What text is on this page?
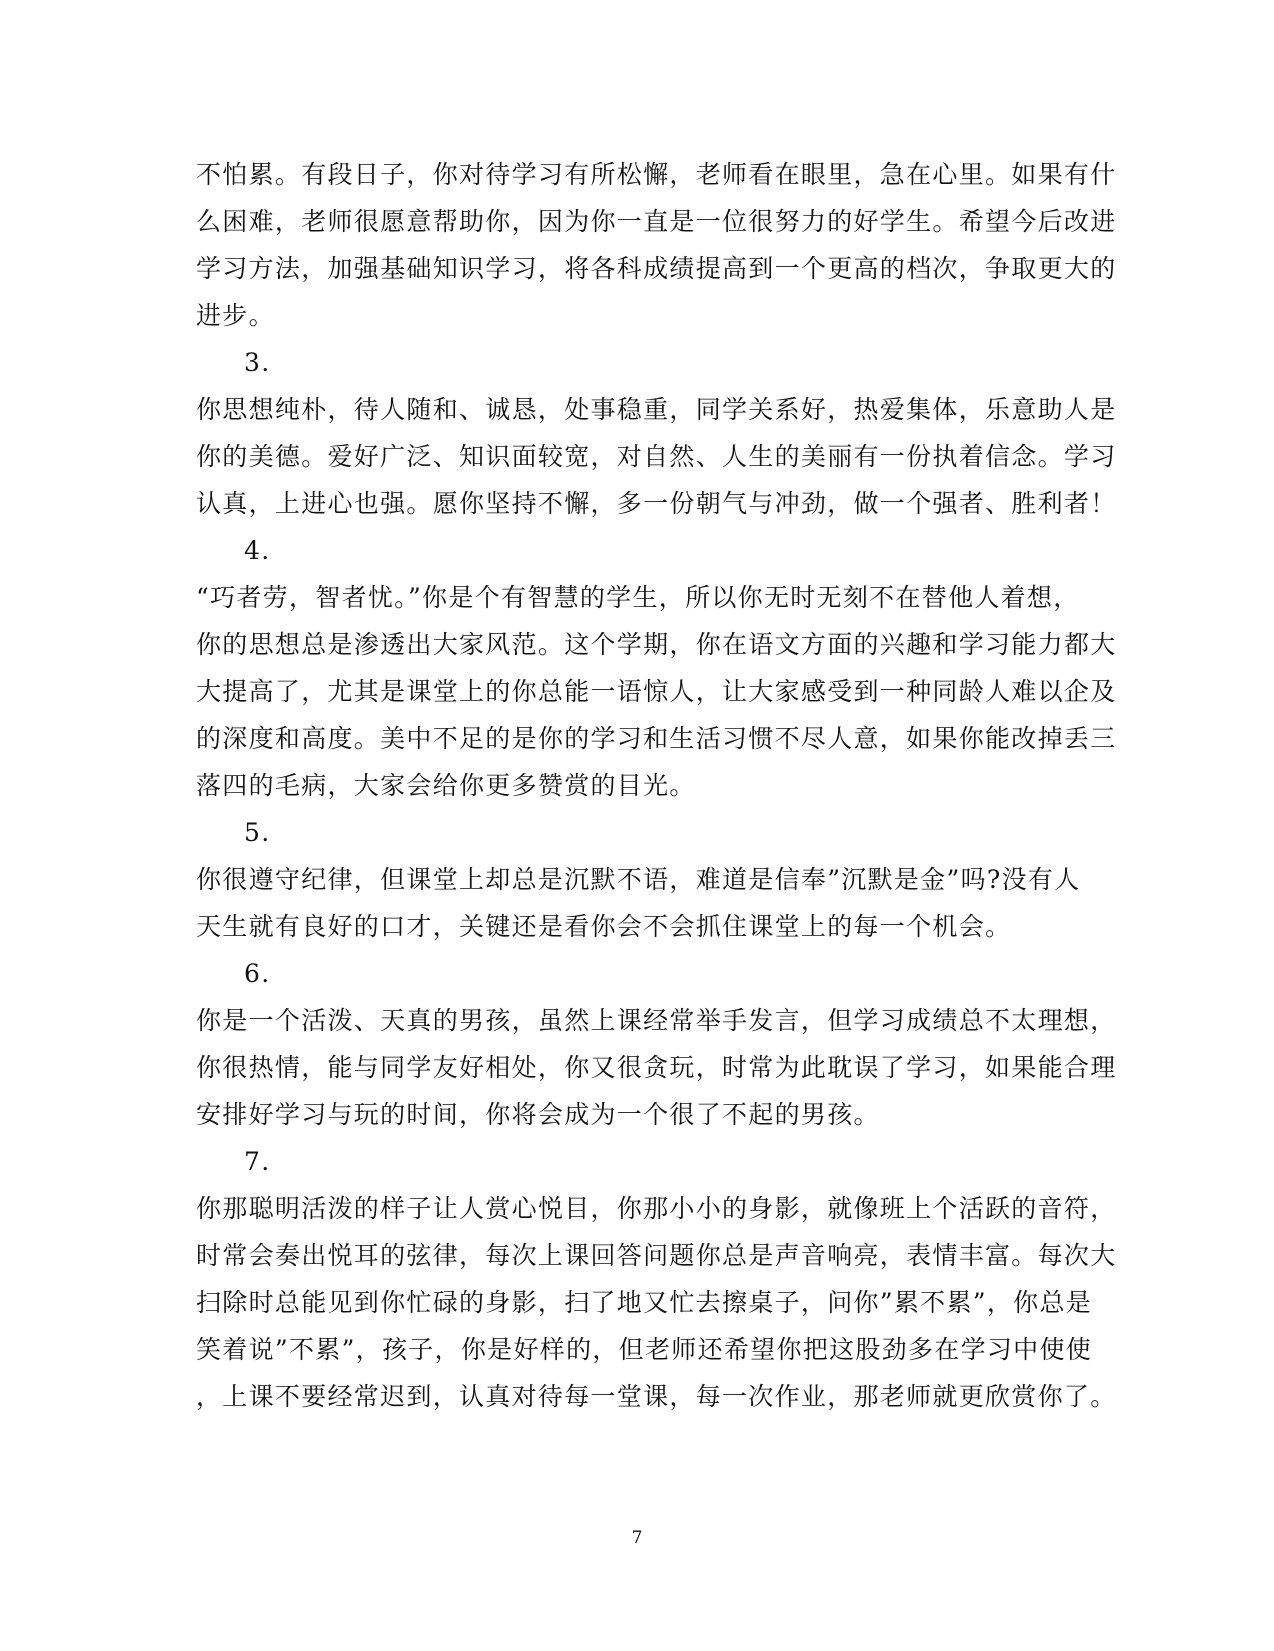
不怕累。有段日子，你对待学习有所松懈，老师看在眼里，急在心里。如果有什
么困难，老师很愿意帮助你，因为你一直是一位很努力的好学生。希望今后改进
学习方法，加强基础知识学习，将各科成绩提高到一个更高的档次，争取更大的
进步。
3.
你思想纯朴，待人随和、诚恳，处事稳重，同学关系好，热爱集体，乐意助人是
你的美德。爱好广泛、知识面较宽，对自然、人生的美丽有一份执着信念。学习
认真，上进心也强。愿你坚持不懈，多一份朝气与冲劲，做一个强者、胜利者！
4.
“巧者劳，智者忧。”你是个有智慧的学生，所以你无时无刻不在替他人着想，
你的思想总是渗透出大家风范。这个学期，你在语文方面的兴趣和学习能力都大
大提高了，尤其是课堂上的你总能一语惊人，让大家感受到一种同龄人难以企及
的深度和高度。美中不足的是你的学习和生活习惯不尽人意，如果你能改掉丢三
落四的毛病，大家会给你更多赞赏的目光。
5.
你很遵守纪律，但课堂上却总是沉默不语，难道是信奉”沉默是金”吗?没有人
天生就有良好的口才，关键还是看你会不会抓住课堂上的每一个机会。
6.
你是一个活泼、天真的男孩，虽然上课经常举手发言，但学习成绩总不太理想，
你很热情，能与同学友好相处，你又很贪玩，时常为此耽误了学习，如果能合理
安排好学习与玩的时间，你将会成为一个很了不起的男孩。
7.
你那聪明活泼的样子让人赏心悦目，你那小小的身影，就像班上个活跃的音符，
时常会奏出悦耳的弦律，每次上课回答问题你总是声音响亮，表情丰富。每次大
扫除时总能见到你忙碌的身影，扫了地又忙去擦桌子，问你”累不累”，你总是
笑着说”不累”，孩子，你是好样的，但老师还希望你把这股劲多在学习中使使
，上课不要经常迟到，认真对待每一堂课，每一次作业，那老师就更欣赏你了。
7
